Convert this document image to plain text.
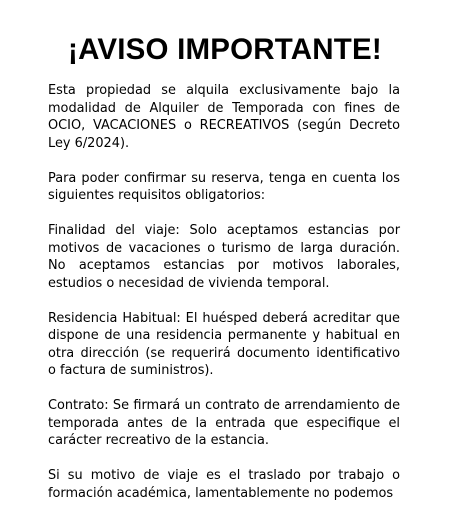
¡AVISO IMPORTANTE!

Esta propiedad se alquila exclusivamente bajo la modalidad de Alquiler de Temporada con fines de OCIO, VACACIONES o RECREATIVOS (según Decreto Ley 6/2024).

Para poder confirmar su reserva, tenga en cuenta los siguientes requisitos obligatorios:

Finalidad del viaje: Solo aceptamos estancias por motivos de vacaciones o turismo de larga duración. No aceptamos estancias por motivos laborales, estudios o necesidad de vivienda temporal.

Residencia Habitual: El huésped deberá acreditar que dispone de una residencia permanente y habitual en otra dirección (se requerirá documento identificativo o factura de suministros).

Contrato: Se firmará un contrato de arrendamiento de temporada antes de la entrada que especifique el carácter recreativo de la estancia.

Si su motivo de viaje es el traslado por trabajo o formación académica, lamentablemente no podemos
